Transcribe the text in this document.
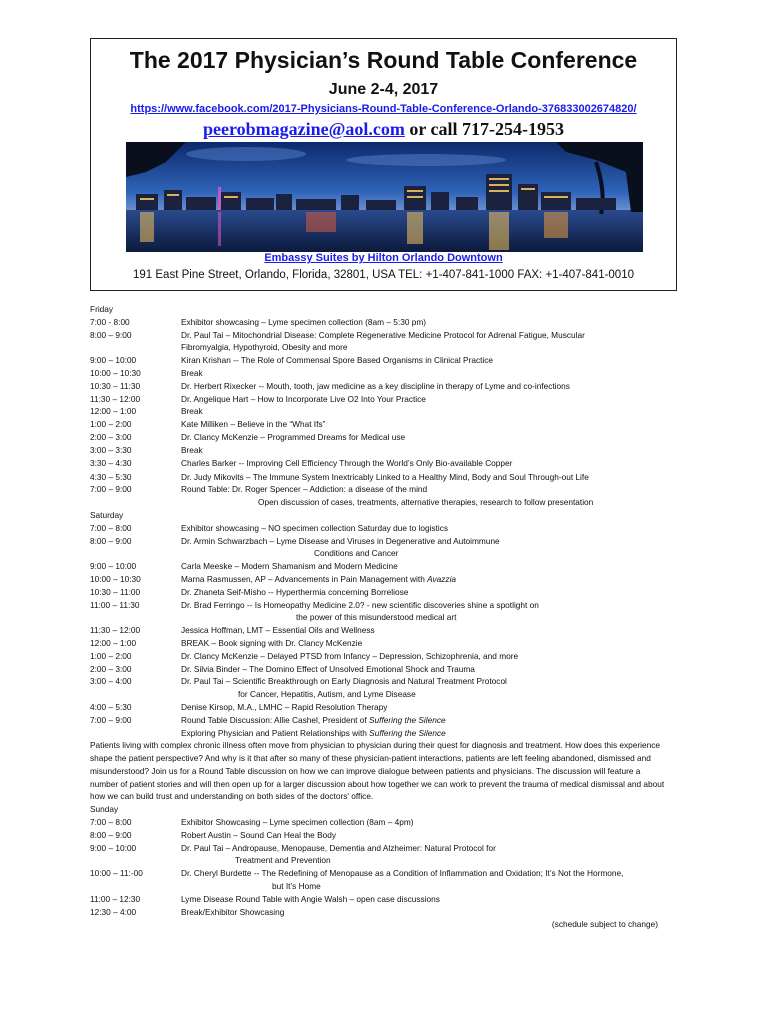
The 2017 Physician’s Round Table Conference
June 2-4, 2017
https://www.facebook.com/2017-Physicians-Round-Table-Conference-Orlando-376833002674820/
peerobmagazine@aol.com or call 717-254-1953
Embassy Suites by Hilton Orlando Downtown
191 East Pine Street, Orlando, Florida, 32801, USA TEL: +1-407-841-1000 FAX: +1-407-841-0010
Friday
7:00 - 8:00	Exhibitor showcasing – Lyme specimen collection (8am – 5:30 pm)
8:00 – 9:00	Dr. Paul Tai – Mitochondrial Disease: Complete Regenerative Medicine Protocol for Adrenal Fatigue, Muscular
Fibromyalgia, Hypothyroid, Obesity and more
9:00 – 10:00	Kiran Krishan -- The Role of Commensal Spore Based Organisms in Clinical Practice
10:00 – 10:30	Break
10:30 – 11:30	Dr. Herbert Rixecker -- Mouth, tooth, jaw medicine as a key discipline in therapy of Lyme and co-infections
11:30 – 12:00	Dr. Angelique Hart – How to Incorporate Live O2 Into Your Practice
12:00 – 1:00	Break
1:00 – 2:00	Kate Milliken – Believe in the “What Ifs”
2:00 – 3:00	Dr. Clancy McKenzie – Programmed Dreams for Medical use
3:00 – 3:30	Break
3:30 – 4:30	Charles Barker -- Improving Cell Efficiency Through the World’s Only Bio-available Copper
4:30 – 5:30	Dr. Judy Mikovits – The Immune System Inextricably Linked to a Healthy Mind, Body and Soul Through-out Life
7:00 – 9:00	Round Table: Dr. Roger Spencer – Addiction: a disease of the mind
Open discussion of cases, treatments, alternative therapies, research to follow presentation
Saturday
7:00 – 8:00	Exhibitor showcasing – NO specimen collection Saturday due to logistics
8:00 – 9:00	Dr. Armin Schwarzbach – Lyme Disease and Viruses in Degenerative and Autoimmune
Conditions and Cancer
9:00 – 10:00	Carla Meeske – Modern Shamanism and Modern Medicine
10:00 – 10:30	Marna Rasmussen, AP – Advancements in Pain Management with Avazzia
10:30 – 11:00	Dr. Zhaneta Seif-Misho -- Hyperthermia concerning Borreliose
11:00 – 11:30	Dr. Brad Ferringo -- Is Homeopathy Medicine 2.0? - new scientific discoveries shine a spotlight on
the power of this misunderstood medical art
11:30 – 12:00	Jessica Hoffman, LMT – Essential Oils and Wellness
12:00 – 1:00	BREAK – Book signing with Dr. Clancy McKenzie
1:00 – 2:00	Dr. Clancy McKenzie – Delayed PTSD from Infancy – Depression, Schizophrenia, and more
2:00 – 3:00	Dr. Silvia Binder – The Domino Effect of Unsolved Emotional Shock and Trauma
3:00 – 4:00	Dr. Paul Tai – Scientific Breakthrough on Early Diagnosis and Natural Treatment Protocol
for Cancer, Hepatitis, Autism, and Lyme Disease
4:00 – 5:30	Denise Kirsop, M.A., LMHC – Rapid Resolution Therapy
7:00 – 9:00	Round Table Discussion: Allie Cashel, President of Suffering the Silence
Exploring Physician and Patient Relationships with Suffering the Silence
Patients living with complex chronic illness often move from physician to physician during their quest for diagnosis and treatment. How does this experience shape the patient perspective? And why is it that after so many of these physician-patient interactions, patients are left feeling abandoned, dismissed and misunderstood? Join us for a Round Table discussion on how we can improve dialogue between patients and physicians. The discussion will feature a number of patient stories and will then open up for a larger discussion about how together we can work to prevent the trauma of medical dismissal and about how we can build trust and understanding on both sides of the doctors' office.
Sunday
7:00 – 8:00	Exhibitor Showcasing – Lyme specimen collection (8am – 4pm)
8:00 – 9:00	Robert Austin – Sound Can Heal the Body
9:00 – 10:00	Dr. Paul Tai – Andropause, Menopause, Dementia and Alzheimer: Natural Protocol for
Treatment and Prevention
10:00 – 11:-00	Dr. Cheryl Burdette -- The Redefining of Menopause as a Condition of Inflammation and Oxidation; It’s Not the Hormone,
but It’s Home
11:00 – 12:30	Lyme Disease Round Table with Angie Walsh – open case discussions
12:30 – 4:00	Break/Exhibitor Showcasing
(schedule subject to change)
